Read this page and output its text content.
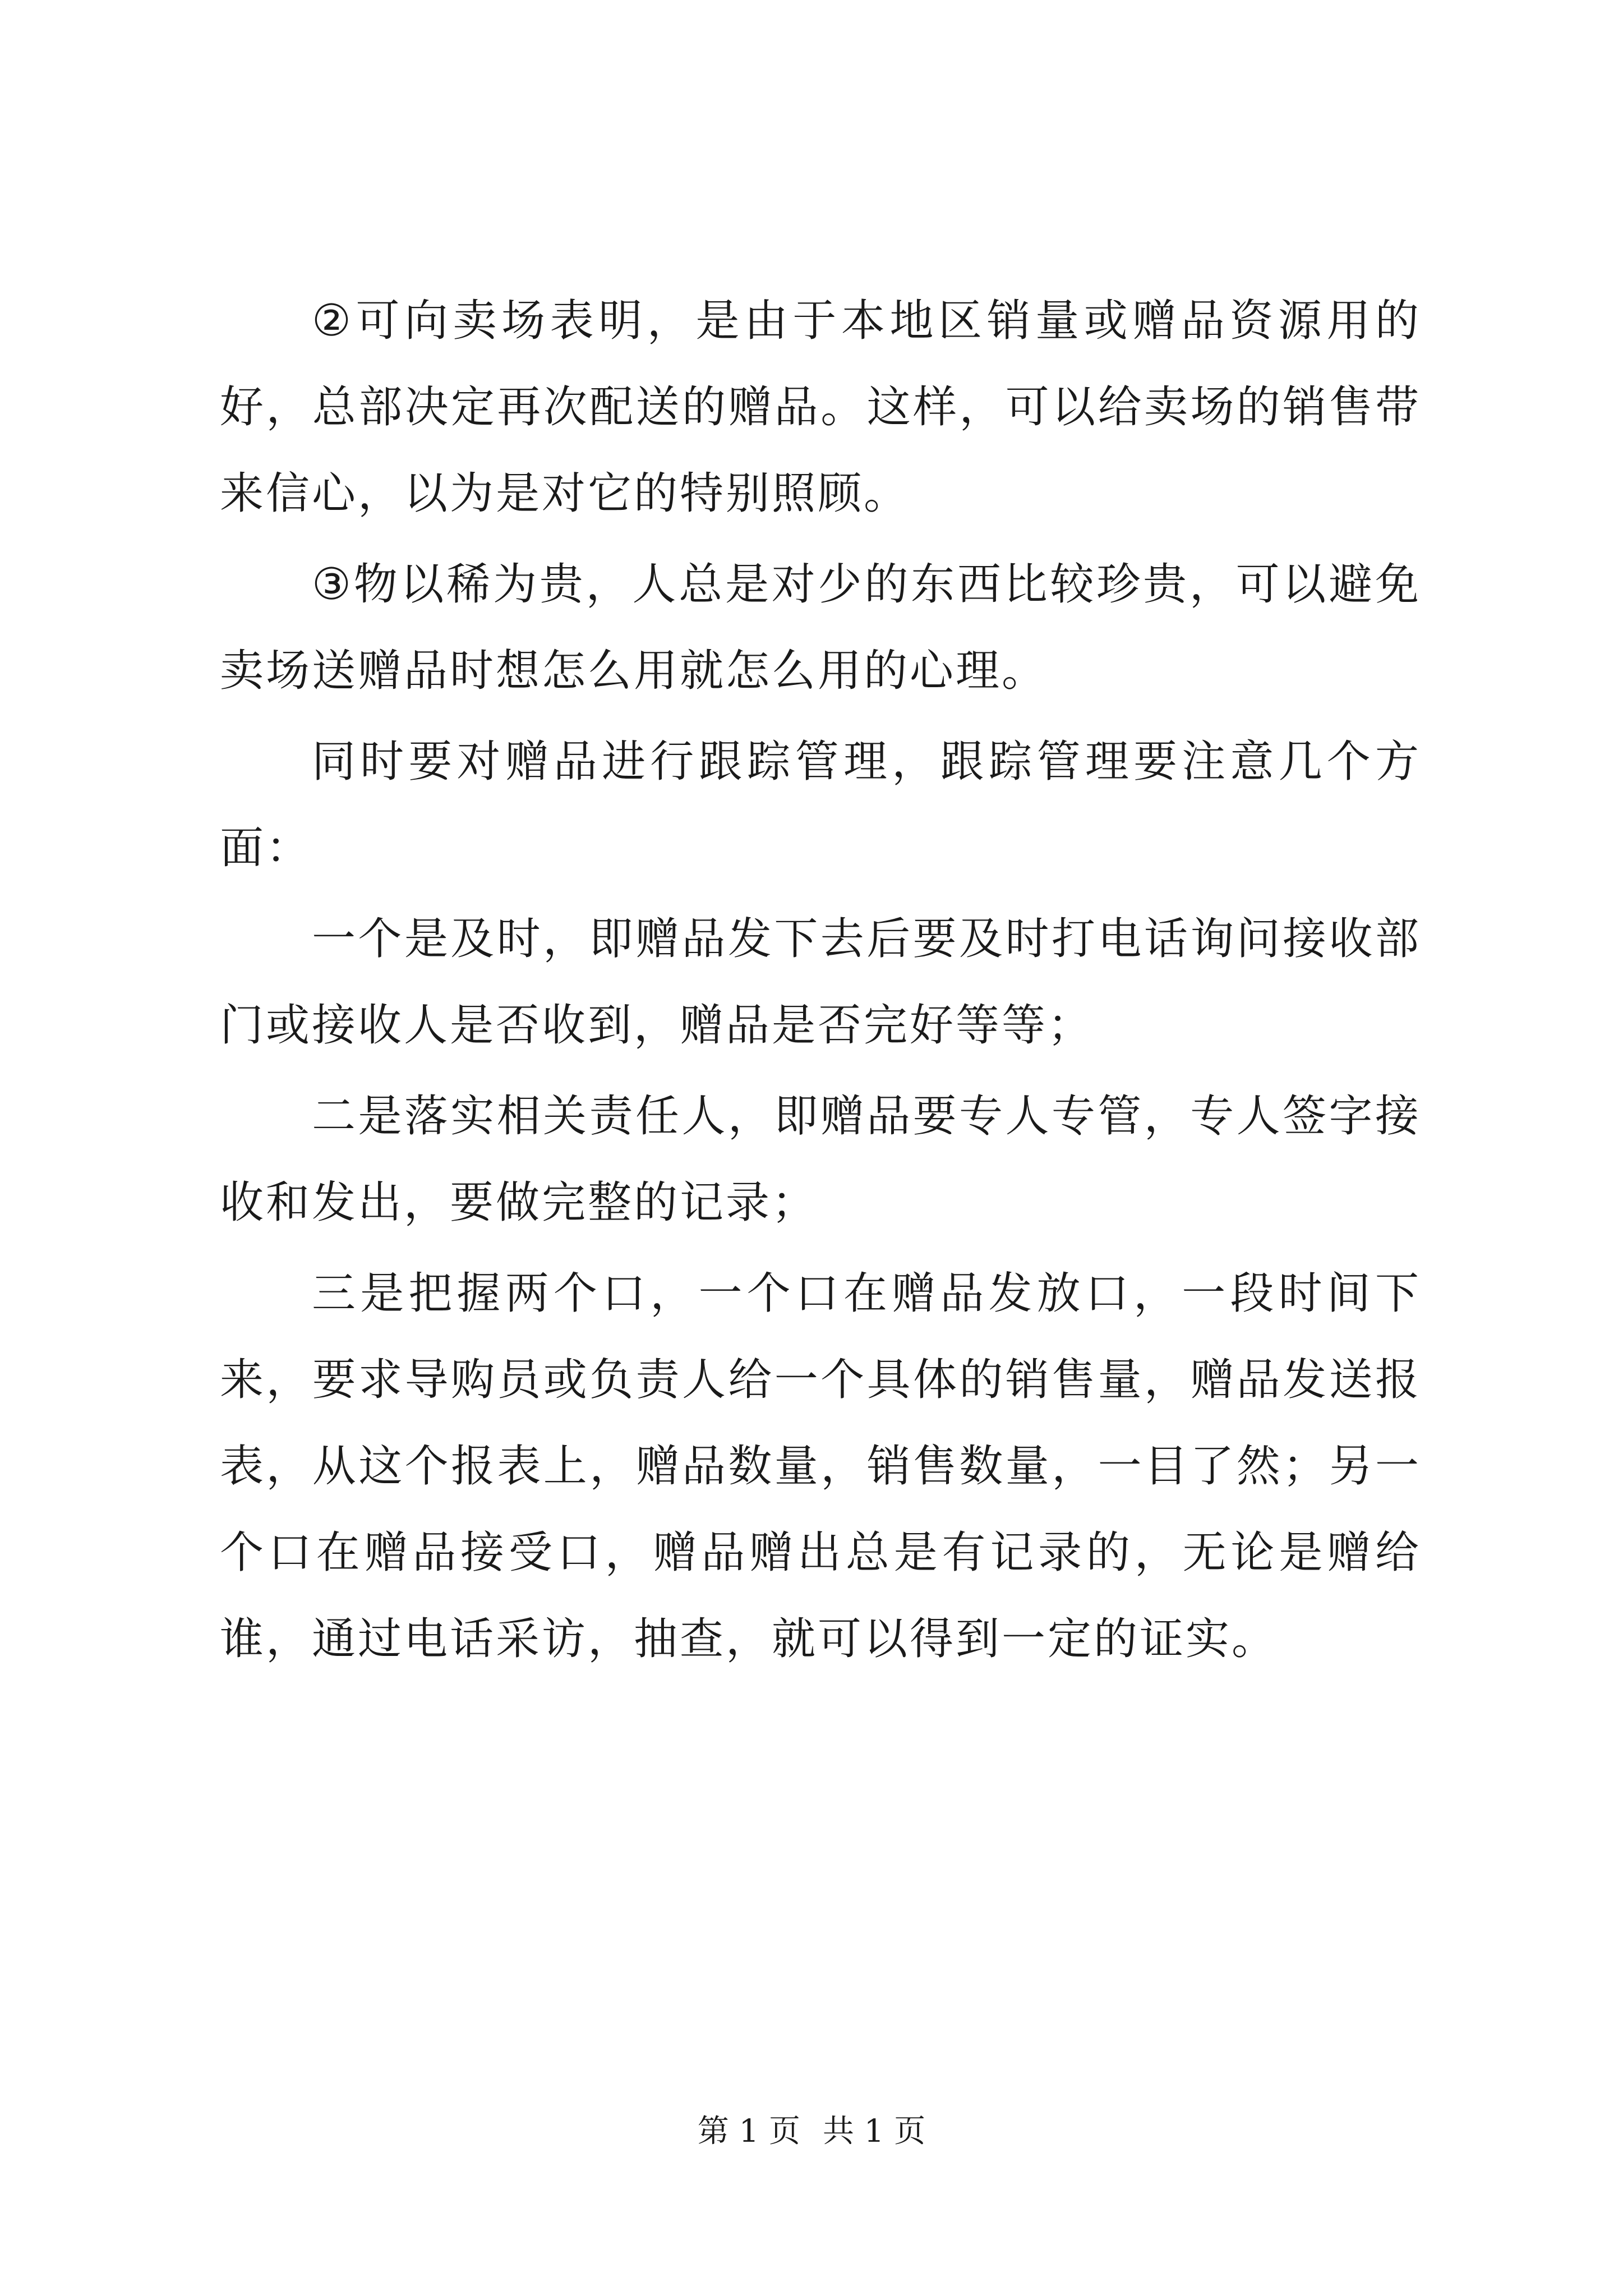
②可向卖场表明，是由于本地区销量或赠品资源用的好，总部决定再次配送的赠品。这样，可以给卖场的销售带来信心，以为是对它的特别照顾。

③物以稀为贵，人总是对少的东西比较珍贵，可以避免卖场送赠品时想怎么用就怎么用的心理。

同时要对赠品进行跟踪管理，跟踪管理要注意几个方面：

一个是及时，即赠品发下去后要及时打电话询问接收部门或接收人是否收到，赠品是否完好等等；

二是落实相关责任人，即赠品要专人专管，专人签字接收和发出，要做完整的记录；

三是把握两个口，一个口在赠品发放口，一段时间下来，要求导购员或负责人给一个具体的销售量，赠品发送报表，从这个报表上，赠品数量，销售数量，一目了然；另一个口在赠品接受口，赠品赠出总是有记录的，无论是赠给谁，通过电话采访，抽查，就可以得到一定的证实。

第 1 页 共 1 页
